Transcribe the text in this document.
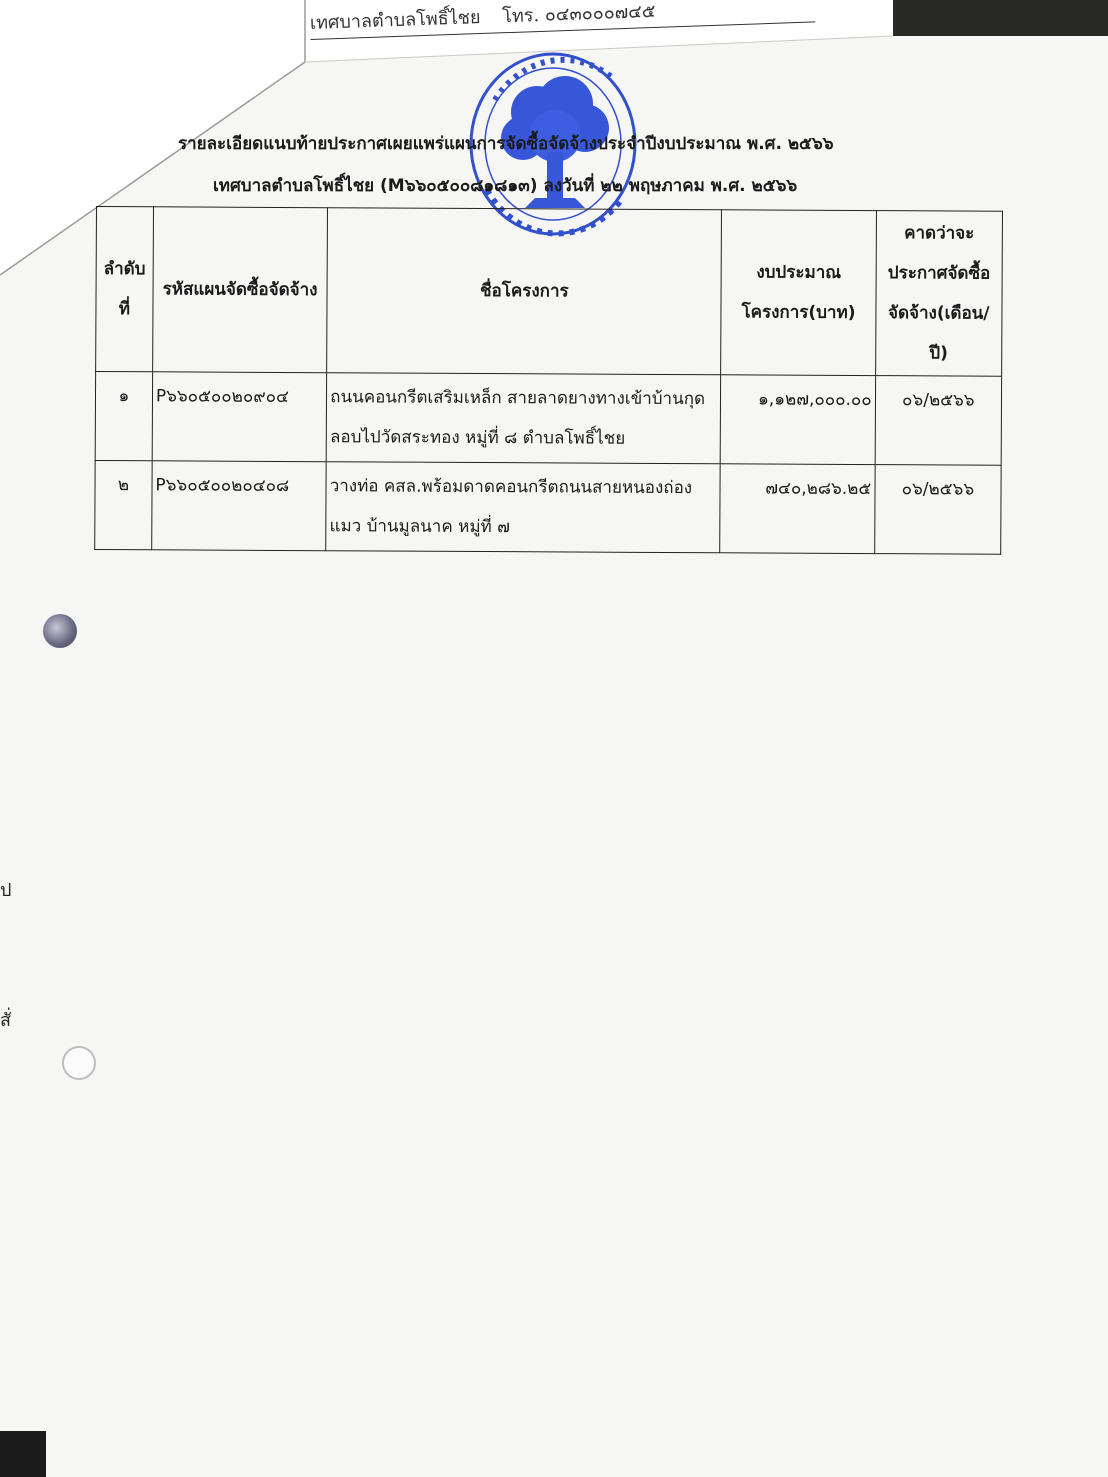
เทศบาลตำบลโพธิ์ไชย โทร. ๐๔๓๐๐๐๗๔๕
รายละเอียดแนบท้ายประกาศเผยแพร่แผนการจัดซื้อจัดจ้างประจำปีงบประมาณ พ.ศ. ๒๕๖๖
เทศบาลตำบลโพธิ์ไชย (M๖๖๐๕๐๐๘๑๘๑๓) ลงวันที่ ๒๒ พฤษภาคม พ.ศ. ๒๕๖๖
ลำดับที่	รหัสแผนจัดซื้อจัดจ้าง	ชื่อโครงการ	งบประมาณโครงการ(บาท)	คาดว่าจะประกาศจัดซื้อจัดจ้าง(เดือน/ปี)
๑	P๖๖๐๕๐๐๒๐๙๐๔	ถนนคอนกรีตเสริมเหล็ก สายลาดยางทางเข้าบ้านกุดลอบไปวัดสระทอง หมู่ที่ ๘ ตำบลโพธิ์ไชย	๑,๑๒๗,๐๐๐.๐๐	๐๖/๒๕๖๖
๒	P๖๖๐๕๐๐๒๐๔๐๘	วางท่อ คสล.พร้อมดาดคอนกรีตถนนสายหนองถ่องแมว บ้านมูลนาค หมู่ที่ ๗	๗๔๐,๒๘๖.๒๕	๐๖/๒๕๖๖
ป
สั่
